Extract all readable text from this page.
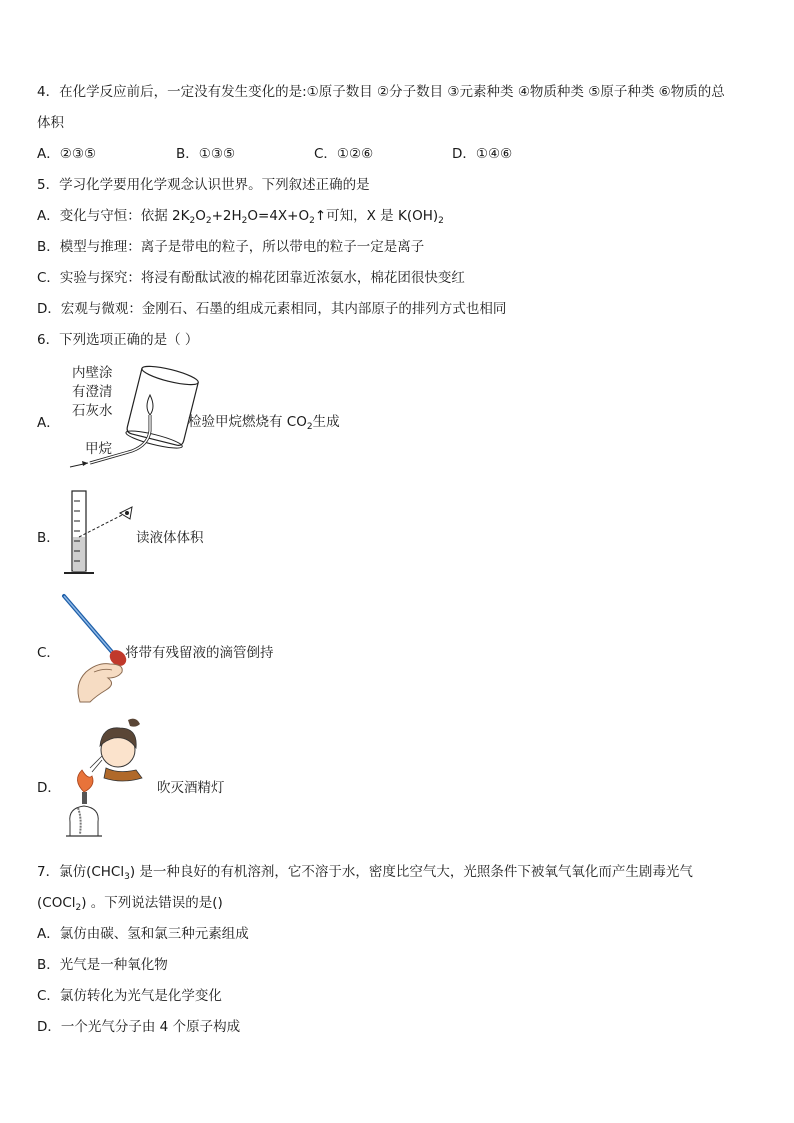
4．在化学反应前后，一定没有发生变化的是:①原子数目 ②分子数目 ③元素种类 ④物质种类 ⑤原子种类 ⑥物质的总
体积
A．②③⑤	B．①③⑤	C．①②⑥	D．①④⑥
5．学习化学要用化学观念认识世界。下列叙述正确的是
A．变化与守恒：依据 $2K_2O_2+2H_2O=4X+O_2↑$可知，X 是 $K(OH)_2$
B．模型与推理：离子是带电的粒子，所以带电的粒子一定是离子
C．实验与探究：将浸有酚酞试液的棉花团靠近浓氨水，棉花团很快变红
D．宏观与微观：金刚石、石墨的组成元素相同，其内部原子的排列方式也相同
6．下列选项正确的是（ ）
A．
内壁涂
有澄清
石灰水
甲烷
检验甲烷燃烧有 $CO_2$生成
B．	读液体体积
C．	将带有残留液的滴管倒持
D．	吹灭酒精灯
7．氯仿(CHCl$_3$) 是一种良好的有机溶剂，它不溶于水，密度比空气大，光照条件下被氧气氧化而产生剧毒光气
(COCl$_2$) 。下列说法错误的是()
A．氯仿由碳、氢和氯三种元素组成
B．光气是一种氧化物
C．氯仿转化为光气是化学变化
D．一个光气分子由 4 个原子构成
